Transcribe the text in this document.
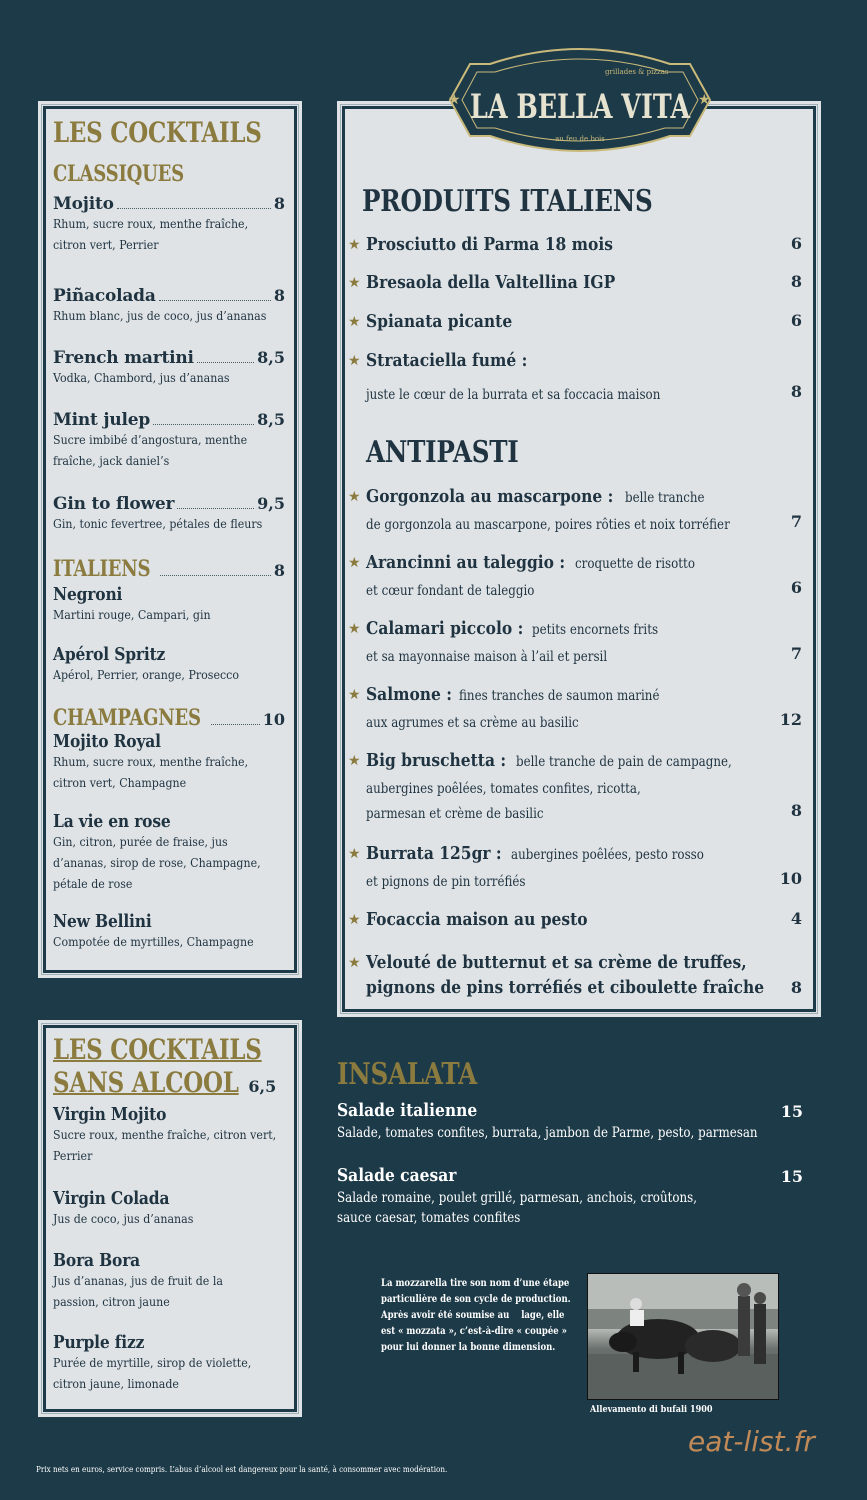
LES COCKTAILS
CLASSIQUES
Mojito	8
Rhum, sucre roux, menthe fraîche, citron vert, Perrier
Piñacolada	8
Rhum blanc, jus de coco, jus d’ananas
French martini	8,5
Vodka, Chambord, jus d’ananas
Mint julep	8,5
Sucre imbibé d’angostura, menthe fraîche, jack daniel’s
Gin to flower	9,5
Gin, tonic fevertree, pétales de fleurs
ITALIENS	8
Negroni
Martini rouge, Campari, gin
Apérol Spritz
Apérol, Perrier, orange, Prosecco
CHAMPAGNES	10
Mojito Royal
Rhum, sucre roux, menthe fraîche, citron vert, Champagne
La vie en rose
Gin, citron, purée de fraise, jus d’ananas, sirop de rose, Champagne, pétale de rose
New Bellini
Compotée de myrtilles, Champagne
LES COCKTAILS
SANS ALCOOL 6,5
Virgin Mojito
Sucre roux, menthe fraîche, citron vert, Perrier
Virgin Colada
Jus de coco, jus d’ananas
Bora Bora
Jus d’ananas, jus de fruit de la passion, citron jaune
Purple fizz
Purée de myrtille, sirop de violette, citron jaune, limonade
★	★
grillades & pizzas
LA BELLA VITA
au feu de bois
PRODUITS ITALIENS
★ Prosciutto di Parma 18 mois	6
★ Bresaola della Valtellina IGP	8
★ Spianata picante	6
★ Strataciella fumé :
juste le cœur de la burrata et sa foccacia maison	8
ANTIPASTI
★ Gorgonzola au mascarpone : belle tranche
de gorgonzola au mascarpone, poires rôties et noix torréfier	7
★ Arancinni au taleggio : croquette de risotto
et cœur fondant de taleggio	6
★ Calamari piccolo : petits encornets frits
et sa mayonnaise maison à l’ail et persil	7
★ Salmone : fines tranches de saumon mariné
aux agrumes et sa crème au basilic	12
★ Big bruschetta : belle tranche de pain de campagne,
aubergines poêlées, tomates confites, ricotta,
parmesan et crème de basilic	8
★ Burrata 125gr : aubergines poêlées, pesto rosso
et pignons de pin torréfiés	10
★ Focaccia maison au pesto	4
★ Velouté de butternut et sa crème de truffes,
pignons de pins torréfiés et ciboulette fraîche	8
INSALATA
Salade italienne	15
Salade, tomates confites, burrata, jambon de Parme, pesto, parmesan
Salade caesar	15
Salade romaine, poulet grillé, parmesan, anchois, croûtons,
sauce caesar, tomates confites
La mozzarella tire son nom d’une étape
particulière de son cycle de production.
Après avoir été soumise au    lage, elle
est « mozzata », c’est-à-dire « coupée »
pour lui donner la bonne dimension.
Allevamento di bufali 1900
Prix nets en euros, service compris. L’abus d’alcool est dangereux pour la santé, à consommer avec modération.
eat-list.fr
